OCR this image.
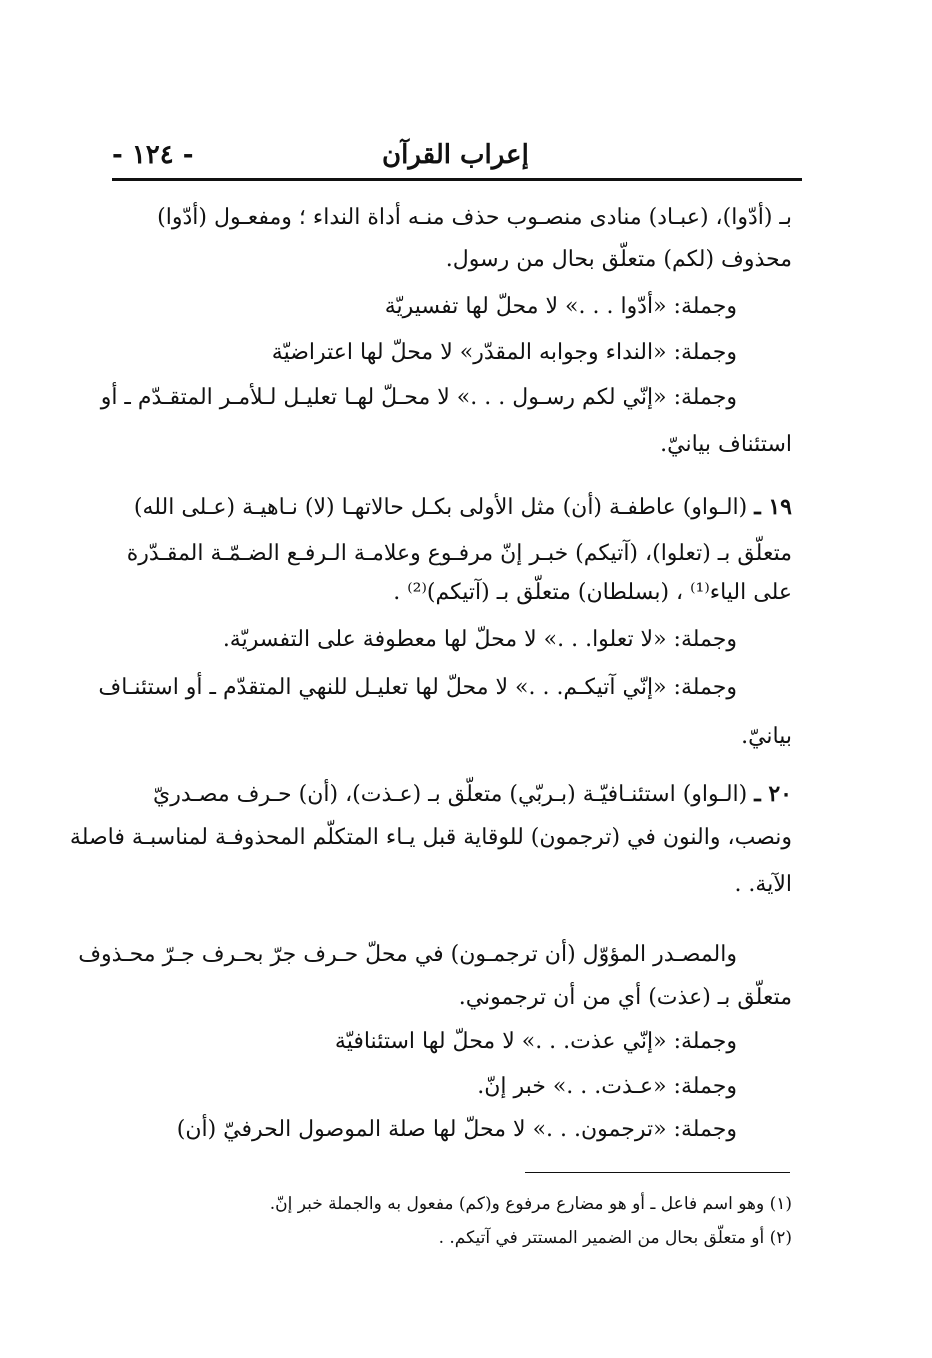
- ١٢٤ -	إعراب القرآن
بـ (أدّوا)، (عبـاد) منادى منصـوب حذف منـه أداة النداء ؛ ومفعـول (أدّوا)
محذوف (لكم) متعلّق بحال من رسول.
وجملة: «أدّوا . . .» لا محلّ لها تفسيريّة
وجملة: «النداء وجوابه المقدّر» لا محلّ لها اعتراضيّة
وجملة: «إنّي لكم رسـول . . .» لا محـلّ لهـا تعليـل لـلأمـر المتقـدّم ـ أو
استئناف بيانيّ.
١٩ ـ (الـواو) عاطفـة (أن) مثل الأولى بكـل حالاتهـا (لا) نـاهيـة (عـلى الله)
متعلّق بـ (تعلوا)، (آتيكم) خبـر إنّ مرفـوع وعلامـة الـرفـع الضـمّـة المقـدّرة
على الياء⁽¹⁾ ، (بسلطان) متعلّق بـ (آتيكم)⁽²⁾ .
وجملة: «لا تعلوا. . .» لا محلّ لها معطوفة على التفسريّة.
وجملة: «إنّي آتيكـم. . .» لا محلّ لها تعليـل للنهي المتقدّم ـ أو استئنـاف
بيانيّ.
٢٠ ـ (الـواو) استئنـافيّـة (بـربّي) متعلّق بـ (عـذت)، (أن) حـرف مصـدريّ
ونصب، والنون في (ترجمون) للوقاية قبل يـاء المتكلّم المحذوفـة لمناسبـة فاصلة
الآية. .
والمصـدر المؤوّل (أن ترجمـون) في محلّ حـرف جرّ بحـرف جـرّ محـذوف
متعلّق بـ (عذت) أي من أن ترجموني.
وجملة: «إنّي عذت. . .» لا محلّ لها استئنافيّة
وجملة: «عـذت. . .» خبر إنّ.
وجملة: «ترجمون. . .» لا محلّ لها صلة الموصول الحرفيّ (أن)
(١) وهو اسم فاعل ـ أو هو مضارع مرفوع و(كم) مفعول به والجملة خبر إنّ.
(٢) أو متعلّق بحال من الضمير المستتر في آتيكم. .
